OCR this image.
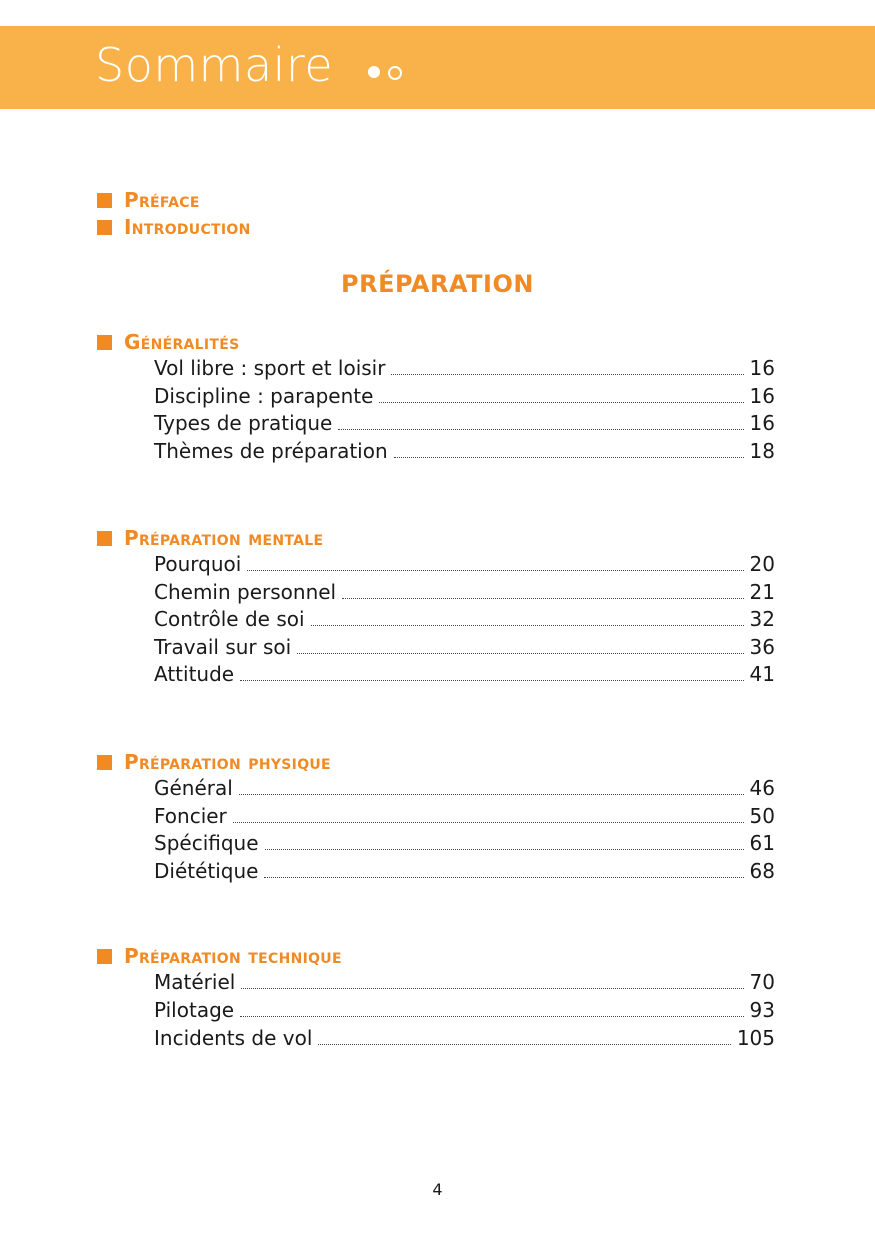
Sommaire
Préface
Introduction
PRÉPARATION
Généralités
Vol libre : sport et loisir	16
Discipline : parapente	16
Types de pratique	16
Thèmes de préparation	18
Préparation mentale
Pourquoi	20
Chemin personnel	21
Contrôle de soi	32
Travail sur soi	36
Attitude	41
Préparation physique
Général	46
Foncier	50
Spécifique	61
Diététique	68
Préparation technique
Matériel	70
Pilotage	93
Incidents de vol	105
4
